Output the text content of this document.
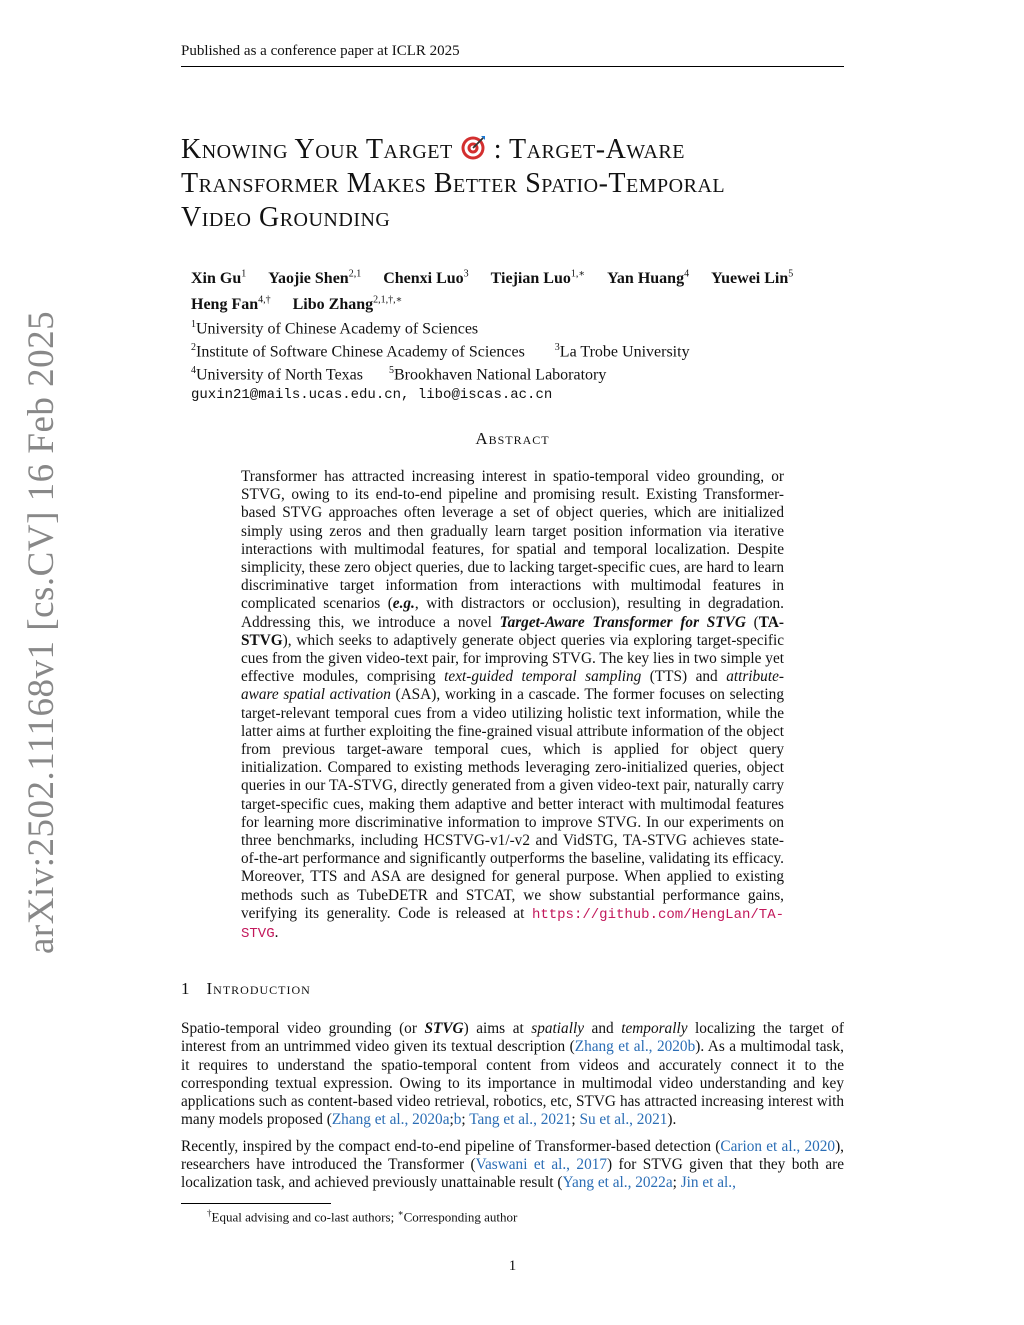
Published as a conference paper at ICLR 2025
arXiv:2502.11168v1 [cs.CV] 16 Feb 2025
Knowing Your Target : Target-Aware
Transformer Makes Better Spatio-Temporal
Video Grounding
Xin Gu$^1$ Yaojie Shen$^{2,1}$ Chenxi Luo$^3$ Tiejian Luo$^{1,∗}$ Yan Huang$^4$ Yuewei Lin$^5$
Heng Fan$^{4,\dagger}$ Libo Zhang$^{2,1,\dagger,∗}$
$^1$University of Chinese Academy of Sciences
$^2$Institute of Software Chinese Academy of Sciences	$^3$La Trobe University
$^4$University of North Texas	$^5$Brookhaven National Laboratory
guxin21@mails.ucas.edu.cn, libo@iscas.ac.cn
Abstract

Transformer has attracted increasing interest in spatio-temporal video grounding, or STVG, owing to its end-to-end pipeline and promising result. Existing Transformer-based STVG approaches often leverage a set of object queries, which are initialized simply using zeros and then gradually learn target position information via iterative interactions with multimodal features, for spatial and temporal localization. Despite simplicity, these zero object queries, due to lacking target-specific cues, are hard to learn discriminative target information from interactions with multimodal features in complicated scenarios (e.g., with distractors or occlusion), resulting in degradation. Addressing this, we introduce a novel Target-Aware Transformer for STVG (TA-STVG), which seeks to adaptively generate object queries via exploring target-specific cues from the given video-text pair, for improving STVG. The key lies in two simple yet effective modules, comprising text-guided temporal sampling (TTS) and attribute-aware spatial activation (ASA), working in a cascade. The former focuses on selecting target-relevant temporal cues from a video utilizing holistic text information, while the latter aims at further exploiting the fine-grained visual attribute information of the object from previous target-aware temporal cues, which is applied for object query initialization. Compared to existing methods leveraging zero-initialized queries, object queries in our TA-STVG, directly generated from a given video-text pair, naturally carry target-specific cues, making them adaptive and better interact with multimodal features for learning more discriminative information to improve STVG. In our experiments on three benchmarks, including HCSTVG-v1/-v2 and VidSTG, TA-STVG achieves state-of-the-art performance and significantly outperforms the baseline, validating its efficacy. Moreover, TTS and ASA are designed for general purpose. When applied to existing methods such as TubeDETR and STCAT, we show substantial performance gains, verifying its generality. Code is released at https://github.com/HengLan/TA-STVG.

1 Introduction

Spatio-temporal video grounding (or STVG) aims at spatially and temporally localizing the target of interest from an untrimmed video given its textual description (Zhang et al., 2020b). As a multimodal task, it requires to understand the spatio-temporal content from videos and accurately connect it to the corresponding textual expression. Owing to its importance in multimodal video understanding and key applications such as content-based video retrieval, robotics, etc, STVG has attracted increasing interest with many models proposed (Zhang et al., 2020a;b; Tang et al., 2021; Su et al., 2021).

Recently, inspired by the compact end-to-end pipeline of Transformer-based detection (Carion et al., 2020), researchers have introduced the Transformer (Vaswani et al., 2017) for STVG given that they both are localization task, and achieved previously unattainable result (Yang et al., 2022a; Jin et al.,

†Equal advising and co-last authors; ∗Corresponding author
1
